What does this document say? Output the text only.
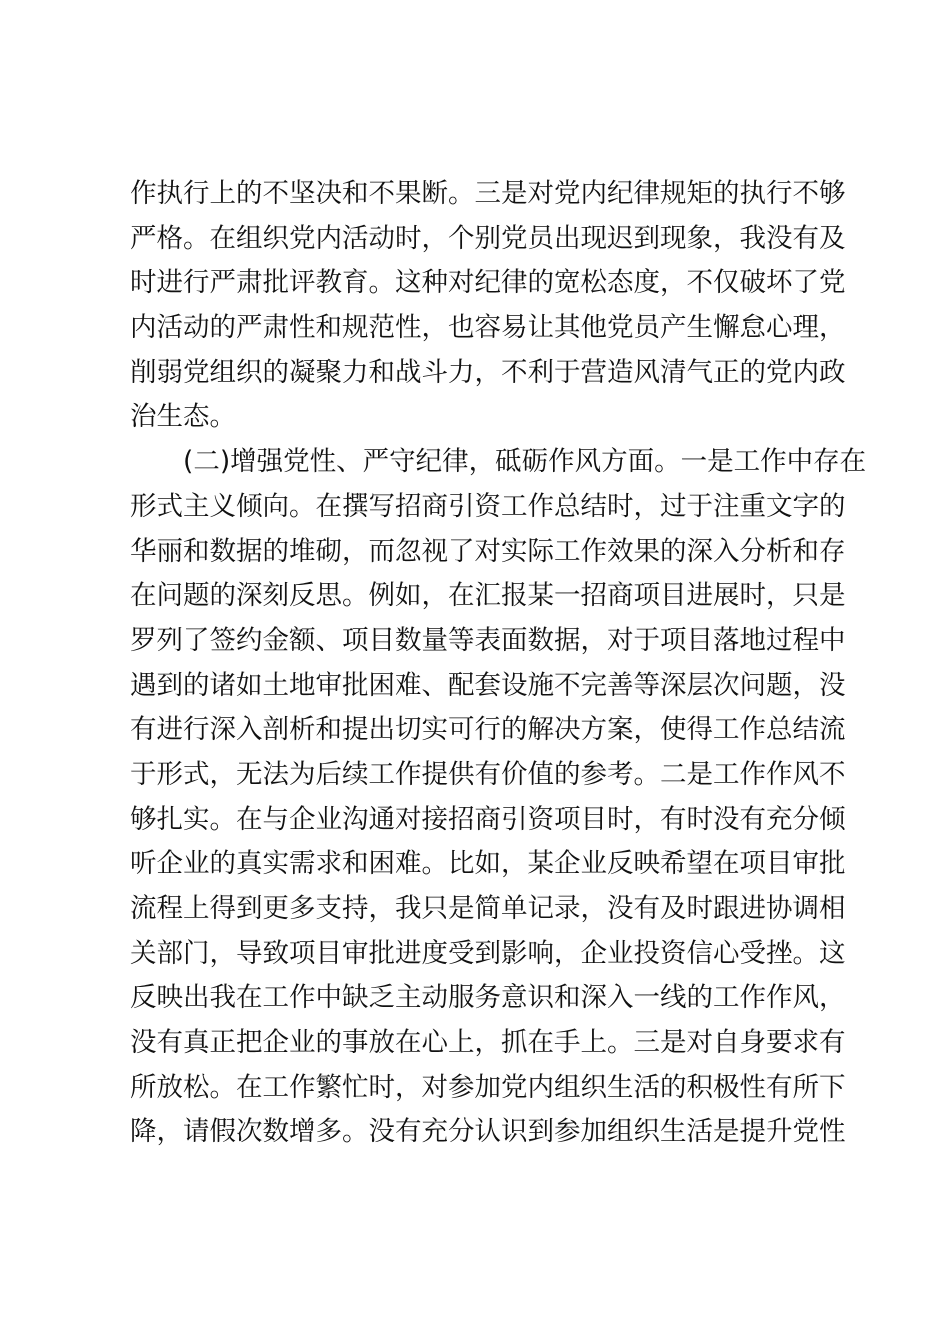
作执行上的不坚决和不果断。三是对党内纪律规矩的执行不够
严格。在组织党内活动时，个别党员出现迟到现象，我没有及
时进行严肃批评教育。这种对纪律的宽松态度，不仅破坏了党
内活动的严肃性和规范性，也容易让其他党员产生懈怠心理，
削弱党组织的凝聚力和战斗力，不利于营造风清气正的党内政
治生态。
　　(二)增强党性、严守纪律，砥砺作风方面。一是工作中存在
形式主义倾向。在撰写招商引资工作总结时，过于注重文字的
华丽和数据的堆砌，而忽视了对实际工作效果的深入分析和存
在问题的深刻反思。例如，在汇报某一招商项目进展时，只是
罗列了签约金额、项目数量等表面数据，对于项目落地过程中
遇到的诸如土地审批困难、配套设施不完善等深层次问题，没
有进行深入剖析和提出切实可行的解决方案，使得工作总结流
于形式，无法为后续工作提供有价值的参考。二是工作作风不
够扎实。在与企业沟通对接招商引资项目时，有时没有充分倾
听企业的真实需求和困难。比如，某企业反映希望在项目审批
流程上得到更多支持，我只是简单记录，没有及时跟进协调相
关部门，导致项目审批进度受到影响，企业投资信心受挫。这
反映出我在工作中缺乏主动服务意识和深入一线的工作作风，
没有真正把企业的事放在心上，抓在手上。三是对自身要求有
所放松。在工作繁忙时，对参加党内组织生活的积极性有所下
降，请假次数增多。没有充分认识到参加组织生活是提升党性
